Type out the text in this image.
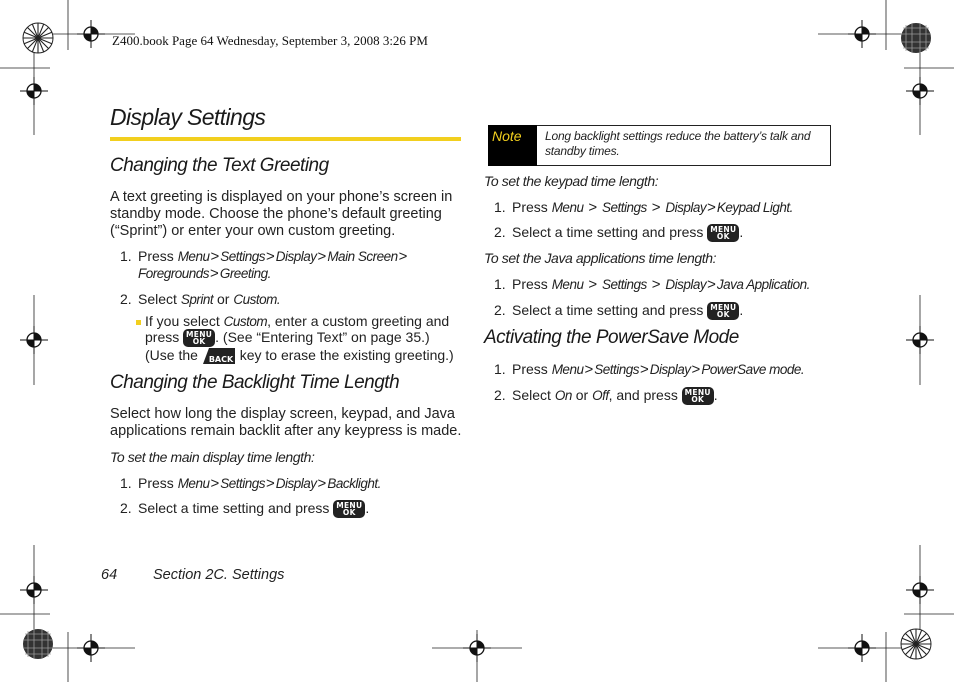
Z400.book Page 64 Wednesday, September 3, 2008 3:26 PM
Display Settings
Changing the Text Greeting
A text greeting is displayed on your phone’s screen in standby mode. Choose the phone’s default greeting (“Sprint”) or enter your own custom greeting.
1. Press Menu>Settings>Display>Main Screen>
Foregrounds>Greeting.
2. Select Sprint or Custom.
If you select Custom, enter a custom greeting and
press MENU
OK . (See “Entering Text” on page 35.)
(Use the BACK key to erase the existing greeting.)
Changing the Backlight Time Length
Select how long the display screen, keypad, and Java applications remain backlit after any keypress is made.
To set the main display time length:
1. Press Menu>Settings>Display>Backlight.
2. Select a time setting and press MENU
OK .
Note	Long backlight settings reduce the battery’s talk and standby times.
To set the keypad time length:
1. Press Menu > Settings > Display>Keypad Light.
2. Select a time setting and press MENU
OK .
To set the Java applications time length:
1. Press Menu > Settings > Display>Java Application.
2. Select a time setting and press MENU
OK .
Activating the PowerSave Mode
1. Press Menu>Settings>Display>PowerSave mode.
2. Select On or Off, and press MENU
OK .
64 Section 2C. Settings
